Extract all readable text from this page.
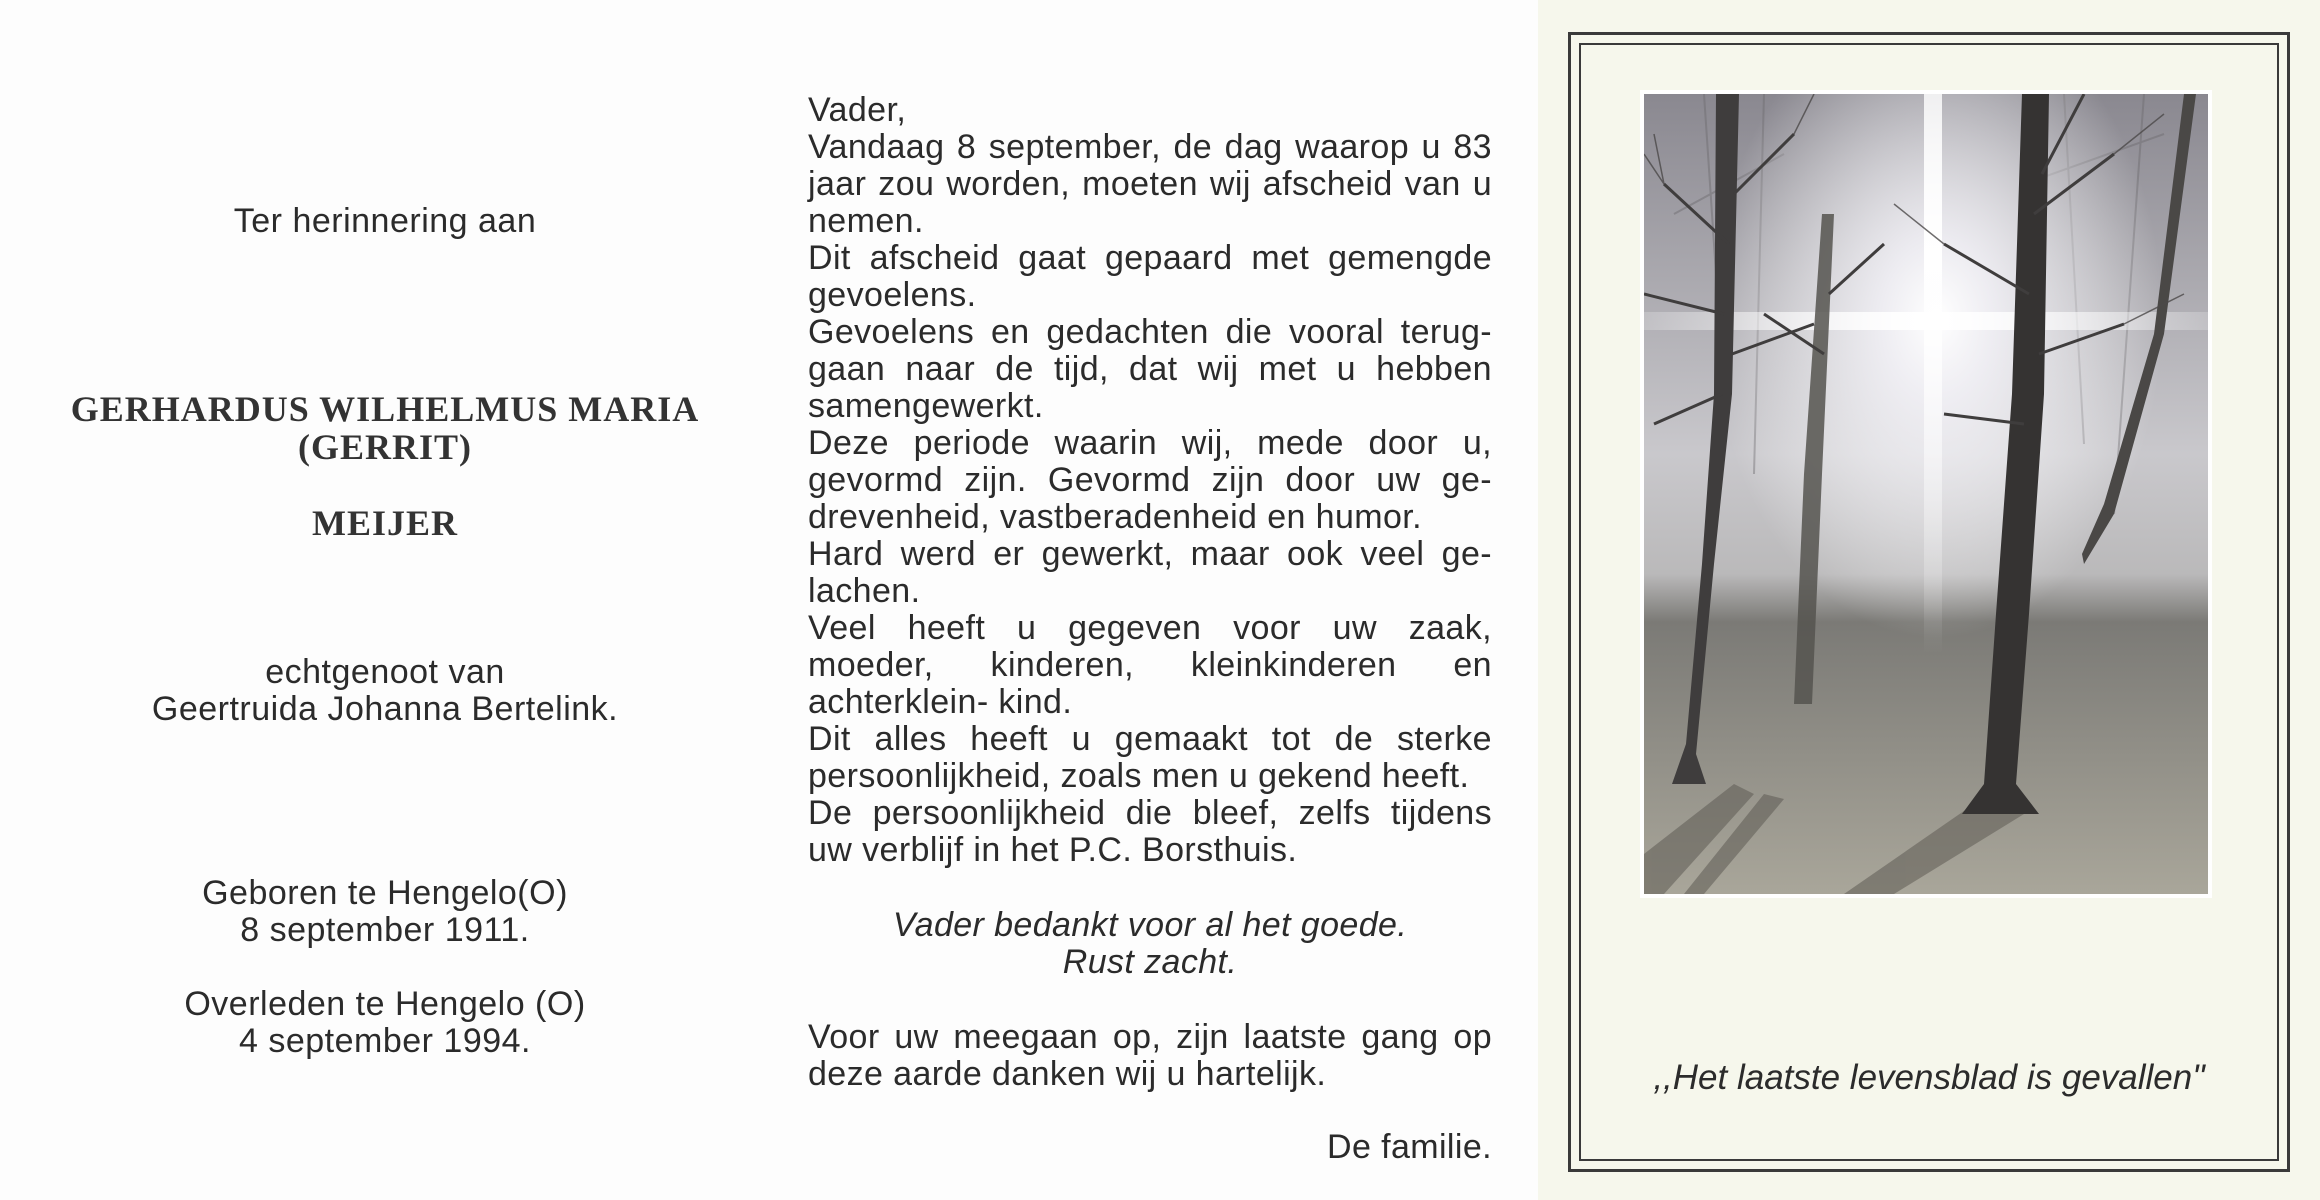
Ter herinnering aan
GERHARDUS WILHELMUS MARIA
(GERRIT)
MEIJER
echtgenoot van
Geertruida Johanna Bertelink.
Geboren te Hengelo(O)
8 september 1911.
Overleden te Hengelo (O)
4 september 1994.

Vader,

Vandaag 8 september, de dag waarop u 83 jaar zou worden, moeten wij afscheid van u nemen.

Dit afscheid gaat gepaard met gemengde gevoelens.

Gevoelens en gedachten die vooral terug- gaan naar de tijd, dat wij met u hebben samengewerkt.

Deze periode waarin wij, mede door u, gevormd zijn. Gevormd zijn door uw ge- drevenheid, vastberadenheid en humor.

Hard werd er gewerkt, maar ook veel ge- lachen.

Veel heeft u gegeven voor uw zaak, moeder, kinderen, kleinkinderen en achterklein- kind.

Dit alles heeft u gemaakt tot de sterke persoonlijkheid, zoals men u gekend heeft.

De persoonlijkheid die bleef, zelfs tijdens uw verblijf in het P.C. Borsthuis.

Vader bedankt voor al het goede.
Rust zacht.
Voor uw meegaan op, zijn laatste gang op deze aarde danken wij u hartelijk.
De familie.
,,Het laatste levensblad is gevallen"
